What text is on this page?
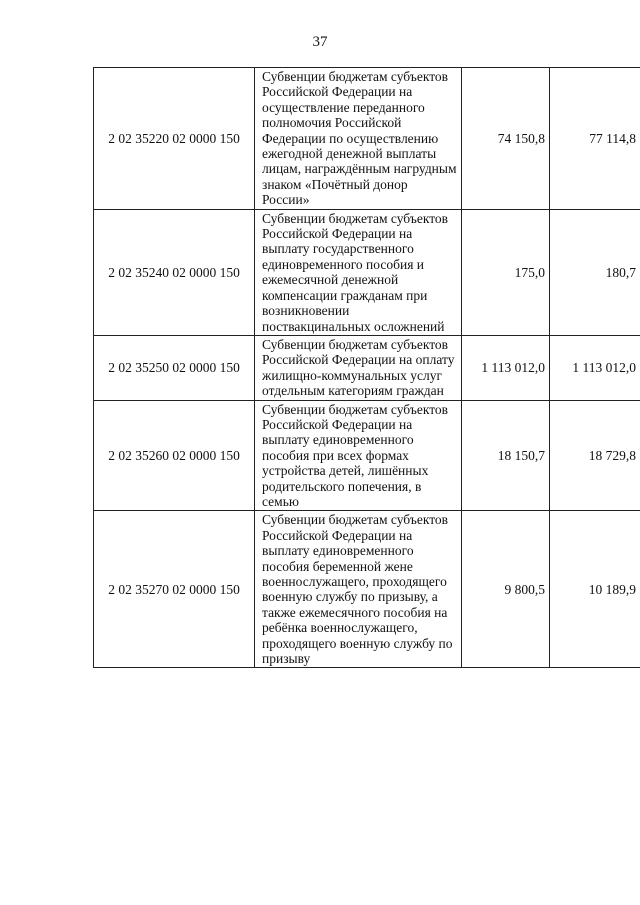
37
2 02 35220 02 0000 150	Субвенции бюджетам субъектов Российской Федерации на осуществление переданного полномочия Российской Федерации по осуществлению ежегодной денежной выплаты лицам, награждённым нагрудным знаком «Почётный донор России»	74 150,8	77 114,8
2 02 35240 02 0000 150	Субвенции бюджетам субъектов Российской Федерации на выплату государственного единовременного пособия и ежемесячной денежной компенсации гражданам при возникновении поствакцинальных осложнений	175,0	180,7
2 02 35250 02 0000 150	Субвенции бюджетам субъектов Российской Федерации на оплату жилищно-коммунальных услуг отдельным категориям граждан	1 113 012,0	1 113 012,0
2 02 35260 02 0000 150	Субвенции бюджетам субъектов Российской Федерации на выплату единовременного пособия при всех формах устройства детей, лишённых родительского попечения, в семью	18 150,7	18 729,8
2 02 35270 02 0000 150	Субвенции бюджетам субъектов Российской Федерации на выплату единовременного пособия беременной жене военнослужащего, проходящего военную службу по призыву, а также ежемесячного пособия на ребёнка военнослужащего, проходящего военную службу по призыву	9 800,5	10 189,9
